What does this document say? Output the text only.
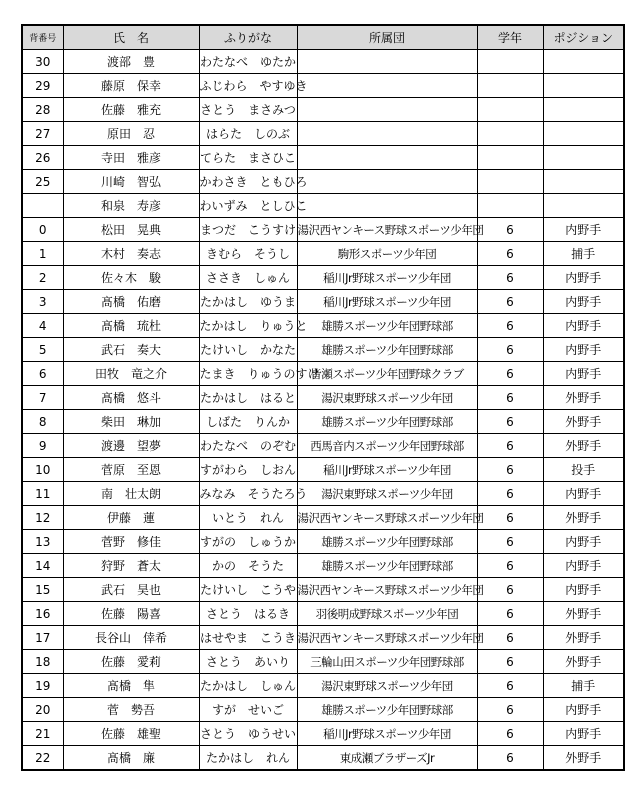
背番号	氏　名	ふりがな	所属団	学年	ポジション
30	渡部　豊	わたなべ　ゆたか			
29	藤原　保幸	ふじわら　やすゆき			
28	佐藤　雅充	さとう　まさみつ			
27	原田　忍	はらた　しのぶ			
26	寺田　雅彦	てらた　まさひこ			
25	川崎　智弘	かわさき　ともひろ			
	和泉　寿彦	わいずみ　としひこ			
0	松田　晃典	まつだ　こうすけ	湯沢西ヤンキース野球スポーツ少年団	6	内野手
1	木村　奏志	きむら　そうし	駒形スポーツ少年団	6	捕手
2	佐々木　駿	ささき　しゅん	稲川Jr野球スポーツ少年団	6	内野手
3	髙橋　佑磨	たかはし　ゆうま	稲川Jr野球スポーツ少年団	6	内野手
4	髙橋　琉杜	たかはし　りゅうと	雄勝スポーツ少年団野球部	6	内野手
5	武石　奏大	たけいし　かなた	雄勝スポーツ少年団野球部	6	内野手
6	田牧　竜之介	たまき　りゅうのすけ	皆瀬スポーツ少年団野球クラブ	6	内野手
7	髙橋　悠斗	たかはし　はると	湯沢東野球スポーツ少年団	6	外野手
8	柴田　琳加	しばた　りんか	雄勝スポーツ少年団野球部	6	外野手
9	渡邊　望夢	わたなべ　のぞむ	西馬音内スポーツ少年団野球部	6	外野手
10	菅原　至恩	すがわら　しおん	稲川Jr野球スポーツ少年団	6	投手
11	南　壮太朗	みなみ　そうたろう	湯沢東野球スポーツ少年団	6	内野手
12	伊藤　蓮	いとう　れん	湯沢西ヤンキース野球スポーツ少年団	6	外野手
13	菅野　修佳	すがの　しゅうか	雄勝スポーツ少年団野球部	6	内野手
14	狩野　蒼太	かの　そうた	雄勝スポーツ少年団野球部	6	内野手
15	武石　昊也	たけいし　こうや	湯沢西ヤンキース野球スポーツ少年団	6	内野手
16	佐藤　陽喜	さとう　はるき	羽後明成野球スポーツ少年団	6	外野手
17	長谷山　倖希	はせやま　こうき	湯沢西ヤンキース野球スポーツ少年団	6	外野手
18	佐藤　愛莉	さとう　あいり	三輪山田スポーツ少年団野球部	6	外野手
19	髙橋　隼	たかはし　しゅん	湯沢東野球スポーツ少年団	6	捕手
20	菅　勢吾	すが　せいご	雄勝スポーツ少年団野球部	6	内野手
21	佐藤　雄聖	さとう　ゆうせい	稲川Jr野球スポーツ少年団	6	内野手
22	髙橋　廉	たかはし　れん	東成瀬ブラザーズJr	6	外野手
